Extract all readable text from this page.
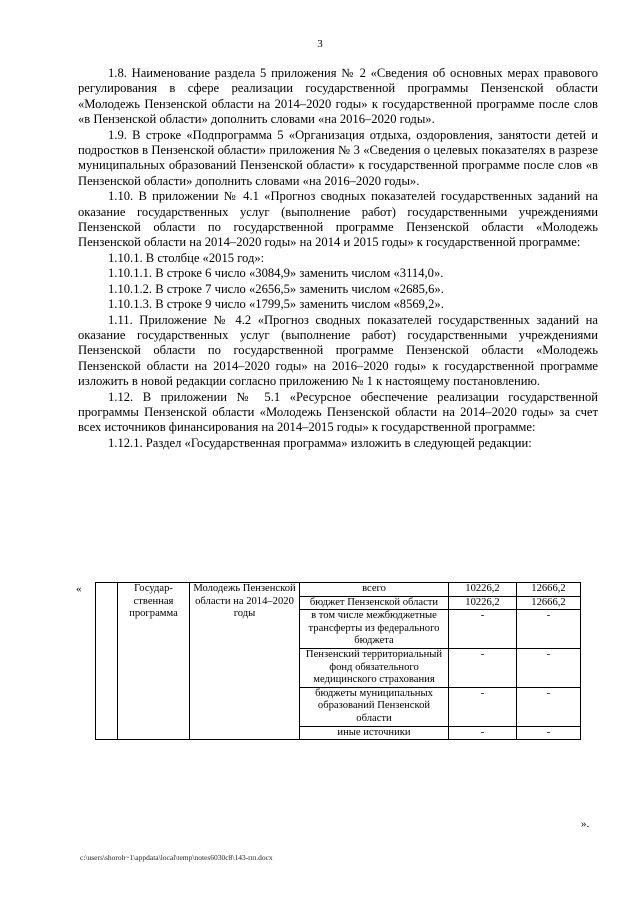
3

1.8. Наименование раздела 5 приложения № 2 «Сведения об основных мерах правового регулирования в сфере реализации государственной программы Пензенской области «Молодежь Пензенской области на 2014–2020 годы» к государственной программе после слов «в Пензенской области» дополнить словами «на 2016–2020 годы».

1.9. В строке «Подпрограмма 5 «Организация отдыха, оздоровления, занятости детей и подростков в Пензенской области» приложения № 3 «Сведения о целевых показателях в разрезе муниципальных образований Пензенской области» к государственной программе после слов «в Пензенской области» дополнить словами «на 2016–2020 годы».

1.10. В приложении № 4.1 «Прогноз сводных показателей государственных заданий на оказание государственных услуг (выполнение работ) государственными учреждениями Пензенской области по государственной программе Пензенской области «Молодежь Пензенской области на 2014–2020 годы» на 2014 и 2015 годы» к государственной программе:

1.10.1. В столбце «2015 год»:

1.10.1.1. В строке 6 число «3084,9» заменить числом «3114,0».

1.10.1.2. В строке 7 число «2656,5» заменить числом «2685,6».

1.10.1.3. В строке 9 число «1799,5» заменить числом «8569,2».

1.11. Приложение № 4.2 «Прогноз сводных показателей государственных заданий на оказание государственных услуг (выполнение работ) государственными учреждениями Пензенской области по государственной программе Пензенской области «Молодежь Пензенской области на 2014–2020 годы» на 2016–2020 годы» к государственной программе изложить в новой редакции согласно приложению № 1 к настоящему постановлению.

1.12. В приложении № 5.1 «Ресурсное обеспечение реализации государственной программы Пензенской области «Молодежь Пензенской области на 2014–2020 годы» за счет всех источников финансирования на 2014–2015 годы» к государственной программе:

1.12.1. Раздел «Государственная программа» изложить в следующей редакции:

«
		Государ-ственная программа	Молодежь Пензенской области на 2014–2020 годы	всего	10226,2	12666,2
			бюджет Пензенской области	10226,2	12666,2
			в том числе межбюджетные трансферты из федерального бюджета	-	-
			Пензенский территориальный фонд обязательного медицинского страхования	-	-
			бюджеты муниципальных образований Пензенской области	-	-
			иные источники	-	-
».
c:\users\shoroh~1\appdata\local\temp\notes6030c8\143-пп.docx
